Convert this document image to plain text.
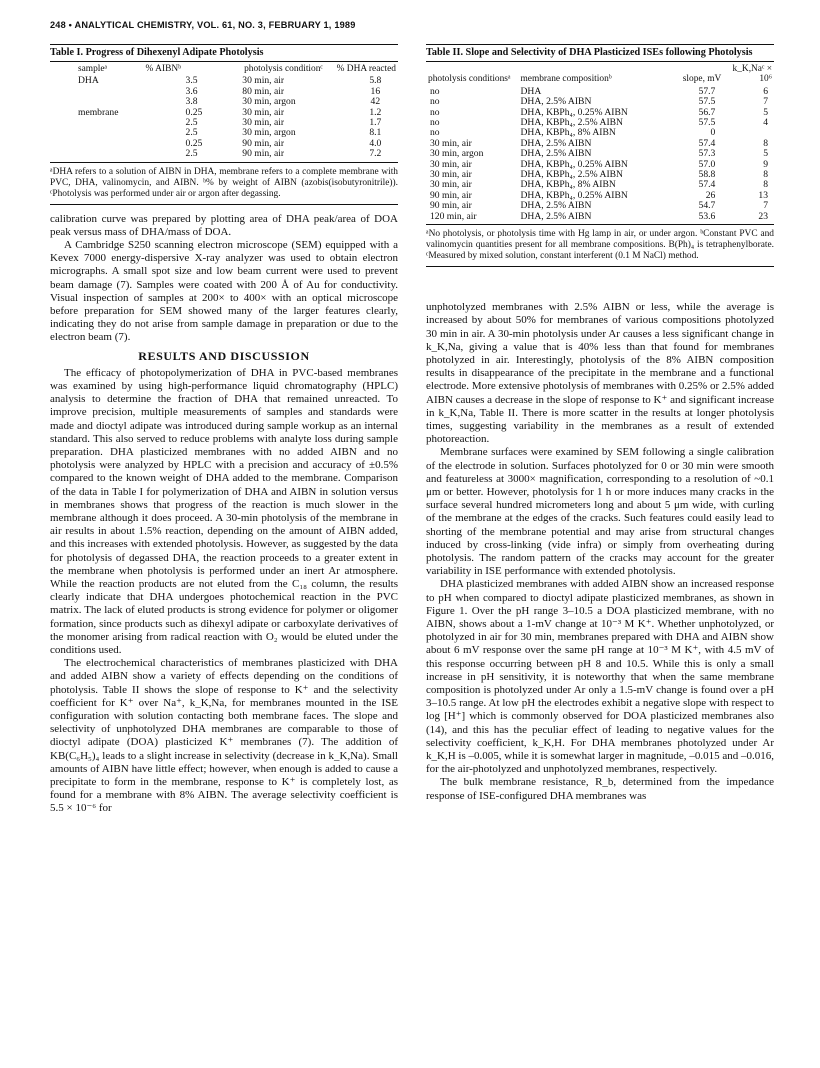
248 • ANALYTICAL CHEMISTRY, VOL. 61, NO. 3, FEBRUARY 1, 1989
Table I. Progress of Dihexenyl Adipate Photolysis
sampleᵃ	% AIBNᵇ	photolysis conditionᶜ	% DHA reacted
DHA	3.5	30 min, air	5.8
	3.6	80 min, air	16
	3.8	30 min, argon	42
membrane	0.25	30 min, air	1.2
	2.5	30 min, air	1.7
	2.5	30 min, argon	8.1
	0.25	90 min, air	4.0
	2.5	90 min, air	7.2
ᵃDHA refers to a solution of AIBN in DHA, membrane refers to a complete membrane with PVC, DHA, valinomycin, and AIBN. ᵇ% by weight of AIBN (azobis(isobutyronitrile)). ᶜPhotolysis was performed under air or argon after degassing.

calibration curve was prepared by plotting area of DHA peak/area of DOA peak versus mass of DHA/mass of DOA.

A Cambridge S250 scanning electron microscope (SEM) equipped with a Kevex 7000 energy-dispersive X-ray analyzer was used to obtain electron micrographs. A small spot size and low beam current were used to prevent beam damage (7). Samples were coated with 200 Å of Au for conductivity. Visual inspection of samples at 200× to 400× with an optical microscope before preparation for SEM showed many of the larger features clearly, indicating they do not arise from sample damage in preparation or due to the electron beam (7).

RESULTS AND DISCUSSION

The efficacy of photopolymerization of DHA in PVC-based membranes was examined by using high-performance liquid chromatography (HPLC) analysis to determine the fraction of DHA that remained unreacted. To improve precision, multiple measurements of samples and standards were made and dioctyl adipate was introduced during sample workup as an internal standard. This also served to reduce problems with analyte loss during sample preparation. DHA plasticized membranes with no added AIBN and no photolysis were analyzed by HPLC with a precision and accuracy of ±0.5% compared to the known weight of DHA added to the membrane. Comparison of the data in Table I for polymerization of DHA and AIBN in solution versus in membranes shows that progress of the reaction is much slower in the membrane although it does proceed. A 30-min photolysis of the membrane in air results in about 1.5% reaction, depending on the amount of AIBN added, and this increases with extended photolysis. However, as suggested by the data for photolysis of degassed DHA, the reaction proceeds to a greater extent in the membrane when photolysis is performed under an inert Ar atmosphere. While the reaction products are not eluted from the C₁₈ column, the results clearly indicate that DHA undergoes photochemical reaction in the PVC matrix. The lack of eluted products is strong evidence for polymer or oligomer formation, since products such as dihexyl adipate or carboxylate derivatives of the monomer arising from radical reaction with O₂ would be eluted under the conditions used.

The electrochemical characteristics of membranes plasticized with DHA and added AIBN show a variety of effects depending on the conditions of photolysis. Table II shows the slope of response to K⁺ and the selectivity coefficient for K⁺ over Na⁺, k_K,Na, for membranes mounted in the ISE configuration with solution contacting both membrane faces. The slope and selectivity of unphotolyzed DHA membranes are comparable to those of dioctyl adipate (DOA) plasticized K⁺ membranes (7). The addition of KB(C₆H₅)₄ leads to a slight increase in selectivity (decrease in k_K,Na). Small amounts of AIBN have little effect; however, when enough is added to cause a precipitate to form in the membrane, response to K⁺ is completely lost, as found for a membrane with 8% AIBN. The average selectivity coefficient is 5.5 × 10⁻⁶ for

Table II. Slope and Selectivity of DHA Plasticized ISEs following Photolysis
photolysis conditionsᵃ	membrane compositionᵇ	slope, mV	k_K,Naᶜ × 10⁶
no	DHA	57.7	6
no	DHA, 2.5% AIBN	57.5	7
no	DHA, KBPh₄, 0.25% AIBN	56.7	5
no	DHA, KBPh₄, 2.5% AIBN	57.5	4
no	DHA, KBPh₄, 8% AIBN	0	
30 min, air	DHA, 2.5% AIBN	57.4	8
30 min, argon	DHA, 2.5% AIBN	57.3	5
30 min, air	DHA, KBPh₄, 0.25% AIBN	57.0	9
30 min, air	DHA, KBPh₄, 2.5% AIBN	58.8	8
30 min, air	DHA, KBPh₄, 8% AIBN	57.4	8
90 min, air	DHA, KBPh₄, 0.25% AIBN	26	13
90 min, air	DHA, 2.5% AIBN	54.7	7
120 min, air	DHA, 2.5% AIBN	53.6	23
ᵃNo photolysis, or photolysis time with Hg lamp in air, or under argon. ᵇConstant PVC and valinomycin quantities present for all membrane compositions. B(Ph)₄ is tetraphenylborate. ᶜMeasured by mixed solution, constant interferent (0.1 M NaCl) method.

unphotolyzed membranes with 2.5% AIBN or less, while the average is increased by about 50% for membranes of various compositions photolyzed 30 min in air. A 30-min photolysis under Ar causes a less significant change in k_K,Na, giving a value that is 40% less than that found for membranes photolyzed in air. Interestingly, photolysis of the 8% AIBN composition results in disappearance of the precipitate in the membrane and a functional electrode. More extensive photolysis of membranes with 0.25% or 2.5% added AIBN causes a decrease in the slope of response to K⁺ and significant increase in k_K,Na, Table II. There is more scatter in the results at longer photolysis times, suggesting variability in the membranes as a result of extended photoreaction.

Membrane surfaces were examined by SEM following a single calibration of the electrode in solution. Surfaces photolyzed for 0 or 30 min were smooth and featureless at 3000× magnification, corresponding to a resolution of ~0.1 μm or better. However, photolysis for 1 h or more induces many cracks in the surface several hundred micrometers long and about 5 μm wide, with curling of the membrane at the edges of the cracks. Such features could easily lead to shorting of the membrane potential and may arise from structural changes induced by cross-linking (vide infra) or simply from overheating during photolysis. The random pattern of the cracks may account for the greater variability in ISE performance with extended photolysis.

DHA plasticized membranes with added AIBN show an increased response to pH when compared to dioctyl adipate plasticized membranes, as shown in Figure 1. Over the pH range 3–10.5 a DOA plasticized membrane, with no AIBN, shows about a 1-mV change at 10⁻³ M K⁺. Whether unphotolyzed, or photolyzed in air for 30 min, membranes prepared with DHA and AIBN show about 6 mV response over the same pH range at 10⁻³ M K⁺, with 4.5 mV of this response occurring between pH 8 and 10.5. While this is only a small increase in pH sensitivity, it is noteworthy that when the same membrane composition is photolyzed under Ar only a 1.5-mV change is found over a pH 3–10.5 range. At low pH the electrodes exhibit a negative slope with respect to log [H⁺] which is commonly observed for DOA plasticized membranes also (14), and this has the peculiar effect of leading to negative values for the selectivity coefficient, k_K,H. For DHA membranes photolyzed under Ar k_K,H is –0.005, while it is somewhat larger in magnitude, –0.015 and –0.016, for the air-photolyzed and unphotolyzed membranes, respectively.

The bulk membrane resistance, R_b, determined from the impedance response of ISE-configured DHA membranes was
